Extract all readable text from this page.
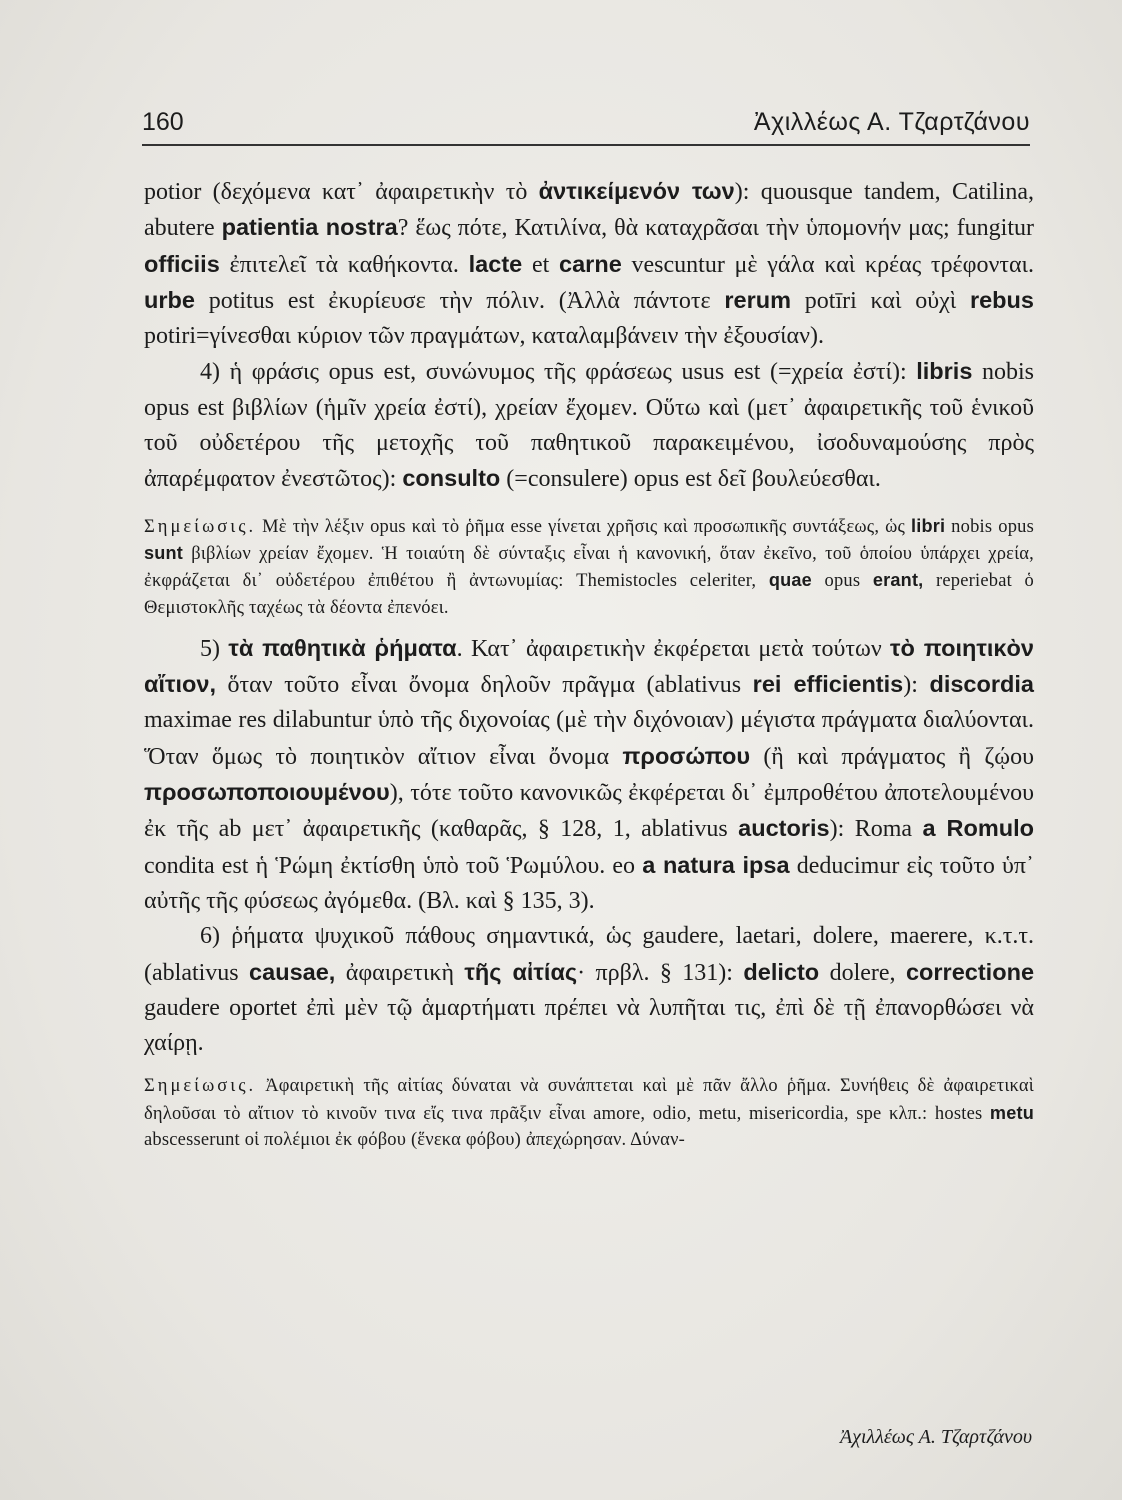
160	Ἀχιλλέως Α. Τζαρτζάνου

potior (δεχόμενα κατ᾽ ἀφαιρετικὴν τὸ ἀντικείμενόν των): quousque tandem, Catilina, abutere patientia nostra? ἕως πότε, Κατιλίνα, θὰ καταχρᾶσαι τὴν ὑπομονήν μας; fungitur officiis ἐπιτελεῖ τὰ καθήκοντα. lacte et carne vescuntur μὲ γάλα καὶ κρέας τρέφονται. urbe potitus est ἐκυρίευσε τὴν πόλιν. (Ἀλλὰ πάντοτε rerum potīri καὶ οὐχὶ rebus potiri=γίνεσθαι κύριον τῶν πραγμάτων, καταλαμβάνειν τὴν ἐξουσίαν).

4) ἡ φράσις opus est, συνώνυμος τῆς φράσεως usus est (=χρεία ἐστί): libris nobis opus est βιβλίων (ἡμῖν χρεία ἐστί), χρείαν ἔχομεν. Οὕτω καὶ (μετ᾽ ἀφαιρετικῆς τοῦ ἑνικοῦ τοῦ οὐδετέρου τῆς μετοχῆς τοῦ παθητικοῦ παρακειμένου, ἰσοδυναμούσης πρὸς ἀπαρέμφατον ἐνεστῶτος): consulto (=consulere) opus est δεῖ βουλεύεσθαι.

Σημείωσις. Μὲ τὴν λέξιν opus καὶ τὸ ῥῆμα esse γίνεται χρῆσις καὶ προσωπικῆς συντάξεως, ὡς libri nobis opus sunt βιβλίων χρείαν ἔχομεν. Ἡ τοιαύτη δὲ σύνταξις εἶναι ἡ κανονική, ὅταν ἐκεῖνο, τοῦ ὁποίου ὑπάρχει χρεία, ἐκφράζεται δι᾽ οὐδετέρου ἐπιθέτου ἢ ἀντωνυμίας: Themistocles celeriter, quae opus erant, reperiebat ὁ Θεμιστοκλῆς ταχέως τὰ δέοντα ἐπενόει.

5) τὰ παθητικὰ ῥήματα. Κατ᾽ ἀφαιρετικὴν ἐκφέρεται μετὰ τούτων τὸ ποιητικὸν αἴτιον, ὅταν τοῦτο εἶναι ὄνομα δηλοῦν πρᾶγμα (ablativus rei efficientis): discordia maximae res dilabuntur ὑπὸ τῆς διχονοίας (μὲ τὴν διχόνοιαν) μέγιστα πράγματα διαλύονται. Ὅταν ὅμως τὸ ποιητικὸν αἴτιον εἶναι ὄνομα προσώπου (ἢ καὶ πράγματος ἢ ζῴου προσωποποιουμένου), τότε τοῦτο κανονικῶς ἐκφέρεται δι᾽ ἐμπροθέτου ἀποτελουμένου ἐκ τῆς ab μετ᾽ ἀφαιρετικῆς (καθαρᾶς, § 128, 1, ablativus auctoris): Roma a Romulo condita est ἡ Ῥώμη ἐκτίσθη ὑπὸ τοῦ Ῥωμύλου. eo a natura ipsa deducimur εἰς τοῦτο ὑπ᾽ αὐτῆς τῆς φύσεως ἀγόμεθα. (Βλ. καὶ § 135, 3).

6) ῥήματα ψυχικοῦ πάθους σημαντικά, ὡς gaudere, laetari, dolere, maerere, κ.τ.τ. (ablativus causae, ἀφαιρετικὴ τῆς αἰτίας· πρβλ. § 131): delicto dolere, correctione gaudere oportet ἐπὶ μὲν τῷ ἁμαρτήματι πρέπει νὰ λυπῆται τις, ἐπὶ δὲ τῇ ἐπανορθώσει νὰ χαίρῃ.

Σημείωσις. Ἀφαιρετικὴ τῆς αἰτίας δύναται νὰ συνάπτεται καὶ μὲ πᾶν ἄλλο ῥῆμα. Συνήθεις δὲ ἀφαιρετικαὶ δηλοῦσαι τὸ αἴτιον τὸ κινοῦν τινα εἴς τινα πρᾶξιν εἶναι amore, odio, metu, misericordia, spe κλπ.: hostes metu abscesserunt οἱ πολέμιοι ἐκ φόβου (ἕνεκα φόβου) ἀπεχώρησαν. Δύναν-

Ἀχιλλέως Α. Τζαρτζάνου
